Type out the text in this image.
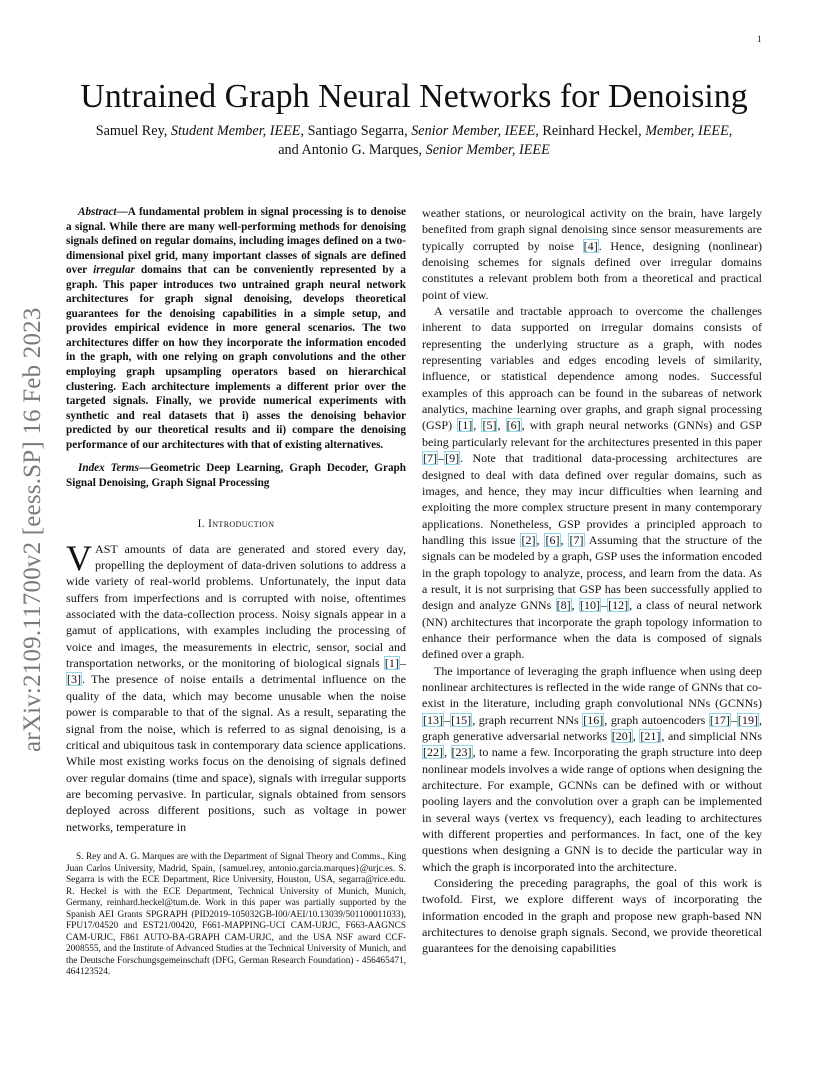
1
arXiv:2109.11700v2 [eess.SP] 16 Feb 2023
Untrained Graph Neural Networks for Denoising
Samuel Rey, Student Member, IEEE, Santiago Segarra, Senior Member, IEEE, Reinhard Heckel, Member, IEEE,
and Antonio G. Marques, Senior Member, IEEE

Abstract—A fundamental problem in signal processing is to denoise a signal. While there are many well-performing methods for denoising signals defined on regular domains, including images defined on a two-dimensional pixel grid, many important classes of signals are defined over irregular domains that can be conveniently represented by a graph. This paper introduces two untrained graph neural network architectures for graph signal denoising, develops theoretical guarantees for the denoising capabilities in a simple setup, and provides empirical evidence in more general scenarios. The two architectures differ on how they incorporate the information encoded in the graph, with one relying on graph convolutions and the other employing graph upsampling operators based on hierarchical clustering. Each architecture implements a different prior over the targeted signals. Finally, we provide numerical experiments with synthetic and real datasets that i) asses the denoising behavior predicted by our theoretical results and ii) compare the denoising performance of our architectures with that of existing alternatives.

Index Terms—Geometric Deep Learning, Graph Decoder, Graph Signal Denoising, Graph Signal Processing

I. Introduction

VAST amounts of data are generated and stored every day, propelling the deployment of data-driven solutions to address a wide variety of real-world problems. Unfortunately, the input data suffers from imperfections and is corrupted with noise, oftentimes associated with the data-collection process. Noisy signals appear in a gamut of applications, with examples including the processing of voice and images, the measurements in electric, sensor, social and transportation networks, or the monitoring of biological signals [1]–[3]. The presence of noise entails a detrimental influence on the quality of the data, which may become unusable when the noise power is comparable to that of the signal. As a result, separating the signal from the noise, which is referred to as signal denoising, is a critical and ubiquitous task in contemporary data science applications. While most existing works focus on the denoising of signals defined over regular domains (time and space), signals with irregular supports are becoming pervasive. In particular, signals obtained from sensors deployed across different positions, such as voltage in power networks, temperature in

S. Rey and A. G. Marques are with the Department of Signal Theory and Comms., King Juan Carlos University, Madrid, Spain, {samuel.rey, antonio.garcia.marques}@urjc.es. S. Segarra is with the ECE Department, Rice University, Houston, USA, segarra@rice.edu. R. Heckel is with the ECE Department, Technical University of Munich, Munich, Germany, reinhard.heckel@tum.de. Work in this paper was partially supported by the Spanish AEI Grants SPGRAPH (PID2019-105032GB-I00/AEI/10.13039/501100011033), FPU17/04520 and EST21/00420, F661-MAPPING-UCI CAM-URJC, F663-AAGNCS CAM-URJC, F861 AUTO-BA-GRAPH CAM-URJC, and the USA NSF award CCF-2008555, and the Institute of Advanced Studies at the Technical University of Munich, and the Deutsche Forschungsgemeinschaft (DFG, German Research Foundation) - 456465471, 464123524.

weather stations, or neurological activity on the brain, have largely benefited from graph signal denoising since sensor measurements are typically corrupted by noise [4]. Hence, designing (nonlinear) denoising schemes for signals defined over irregular domains constitutes a relevant problem both from a theoretical and practical point of view.

A versatile and tractable approach to overcome the challenges inherent to data supported on irregular domains consists of representing the underlying structure as a graph, with nodes representing variables and edges encoding levels of similarity, influence, or statistical dependence among nodes. Successful examples of this approach can be found in the subareas of network analytics, machine learning over graphs, and graph signal processing (GSP) [1], [5], [6], with graph neural networks (GNNs) and GSP being particularly relevant for the architectures presented in this paper [7]–[9]. Note that traditional data-processing architectures are designed to deal with data defined over regular domains, such as images, and hence, they may incur difficulties when learning and exploiting the more complex structure present in many contemporary applications. Nonetheless, GSP provides a principled approach to handling this issue [2], [6], [7] Assuming that the structure of the signals can be modeled by a graph, GSP uses the information encoded in the graph topology to analyze, process, and learn from the data. As a result, it is not surprising that GSP has been successfully applied to design and analyze GNNs [8], [10]–[12], a class of neural network (NN) architectures that incorporate the graph topology information to enhance their performance when the data is composed of signals defined over a graph.

The importance of leveraging the graph influence when using deep nonlinear architectures is reflected in the wide range of GNNs that co-exist in the literature, including graph convolutional NNs (GCNNs) [13]–[15], graph recurrent NNs [16], graph autoencoders [17]–[19], graph generative adversarial networks [20], [21], and simplicial NNs [22], [23], to name a few. Incorporating the graph structure into deep nonlinear models involves a wide range of options when designing the architecture. For example, GCNNs can be defined with or without pooling layers and the convolution over a graph can be implemented in several ways (vertex vs frequency), each leading to architectures with different properties and performances. In fact, one of the key questions when designing a GNN is to decide the particular way in which the graph is incorporated into the architecture.

Considering the preceding paragraphs, the goal of this work is twofold. First, we explore different ways of incorporating the information encoded in the graph and propose new graph-based NN architectures to denoise graph signals. Second, we provide theoretical guarantees for the denoising capabilities
